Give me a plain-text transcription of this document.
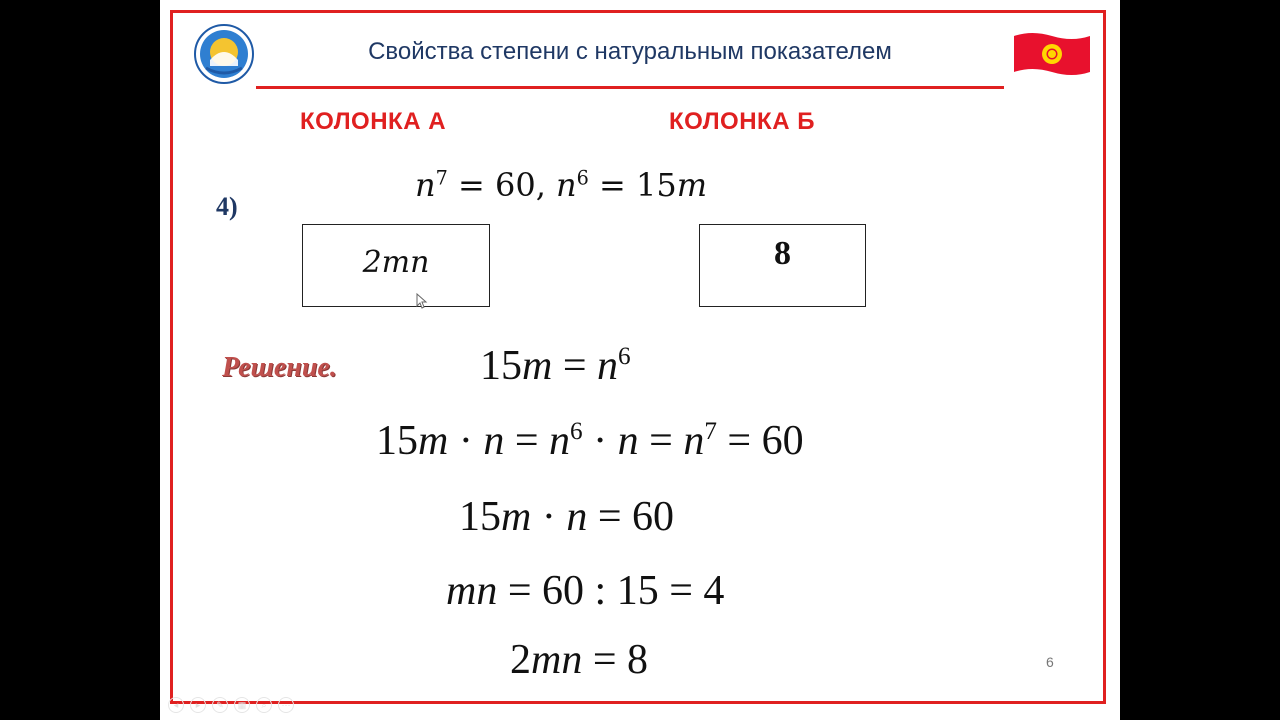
Свойства степени с натуральным показателем
КОЛОНКА А	КОЛОНКА Б
4)
$n^7 = 60$, $n^6 = 15m$
2mn	8
Решение.	$15m = n^6$
$15m \cdot n = n^6 \cdot n = n^7 = 60$
15m · n = 60
mn = 60 : 15 = 4
2mn = 8	6
◂	▸	✎	▦	⌕	⋯
